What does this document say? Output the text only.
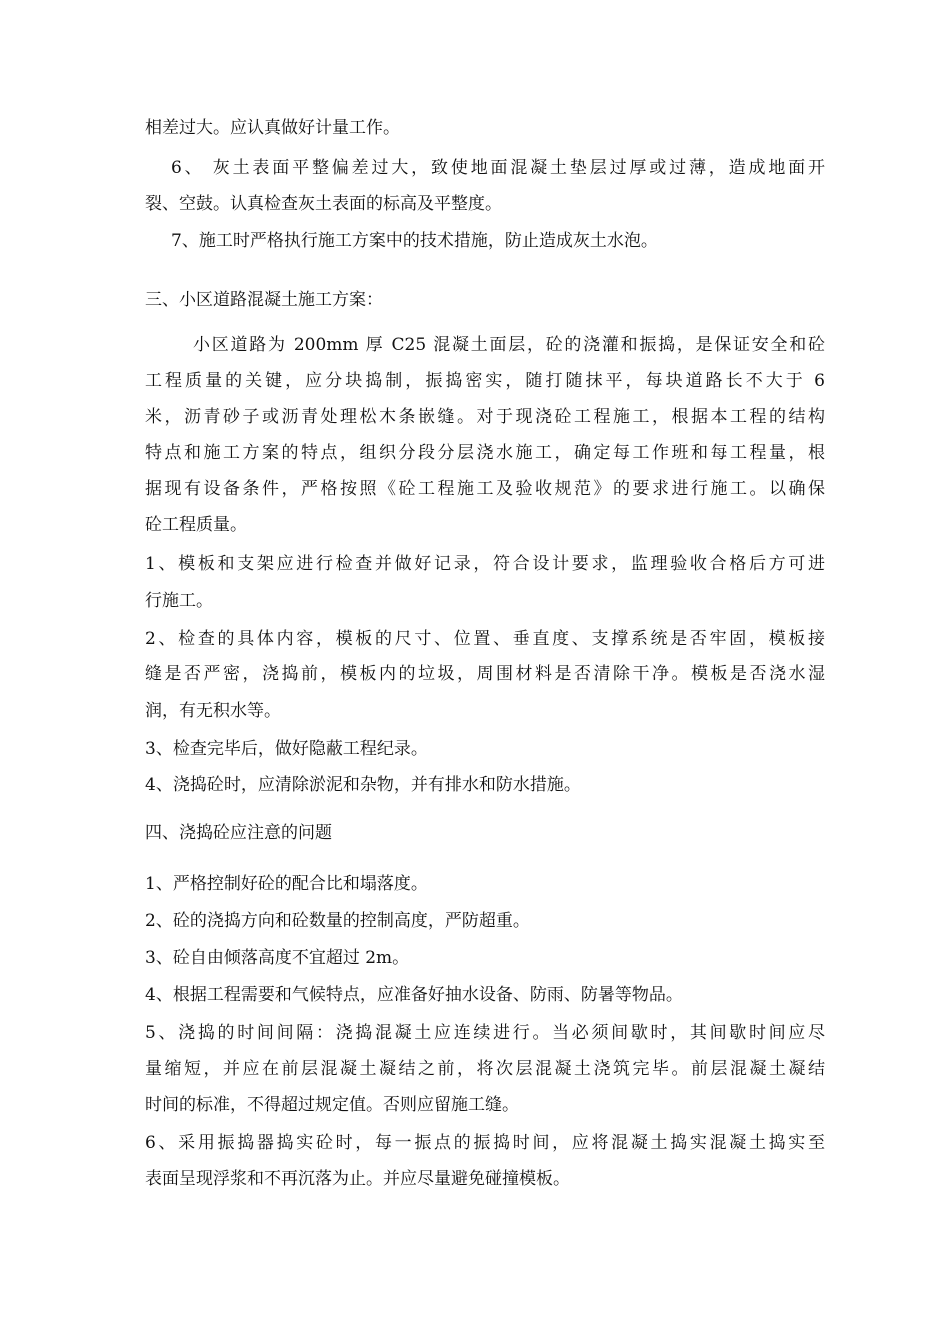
相差过大。应认真做好计量工作。
6、 灰土表面平整偏差过大，致使地面混凝土垫层过厚或过薄，造成地面开
裂、空鼓。认真检查灰土表面的标高及平整度。
7、施工时严格执行施工方案中的技术措施，防止造成灰土水泡。
三、小区道路混凝土施工方案：
小区道路为 200mm 厚 C25 混凝土面层，砼的浇灌和振捣，是保证安全和砼
工程质量的关键，应分块捣制，振捣密实，随打随抹平，每块道路长不大于 6
米，沥青砂子或沥青处理松木条嵌缝。对于现浇砼工程施工，根据本工程的结构
特点和施工方案的特点，组织分段分层浇水施工，确定每工作班和每工程量，根
据现有设备条件，严格按照《砼工程施工及验收规范》的要求进行施工。以确保
砼工程质量。
1、模板和支架应进行检查并做好记录，符合设计要求，监理验收合格后方可进
行施工。
2、检查的具体内容，模板的尺寸、位置、垂直度、支撑系统是否牢固，模板接
缝是否严密，浇捣前，模板内的垃圾，周围材料是否清除干净。模板是否浇水湿
润，有无积水等。
3、检查完毕后，做好隐蔽工程纪录。
4、浇捣砼时，应清除淤泥和杂物，并有排水和防水措施。
四、浇捣砼应注意的问题
1、严格控制好砼的配合比和塌落度。
2、砼的浇捣方向和砼数量的控制高度，严防超重。
3、砼自由倾落高度不宜超过 2m。
4、根据工程需要和气候特点，应准备好抽水设备、防雨、防暑等物品。
5、浇捣的时间间隔：浇捣混凝土应连续进行。当必须间歇时，其间歇时间应尽
量缩短，并应在前层混凝土凝结之前，将次层混凝土浇筑完毕。前层混凝土凝结
时间的标准，不得超过规定值。否则应留施工缝。
6、采用振捣器捣实砼时，每一振点的振捣时间，应将混凝土捣实混凝土捣实至
表面呈现浮浆和不再沉落为止。并应尽量避免碰撞模板。
